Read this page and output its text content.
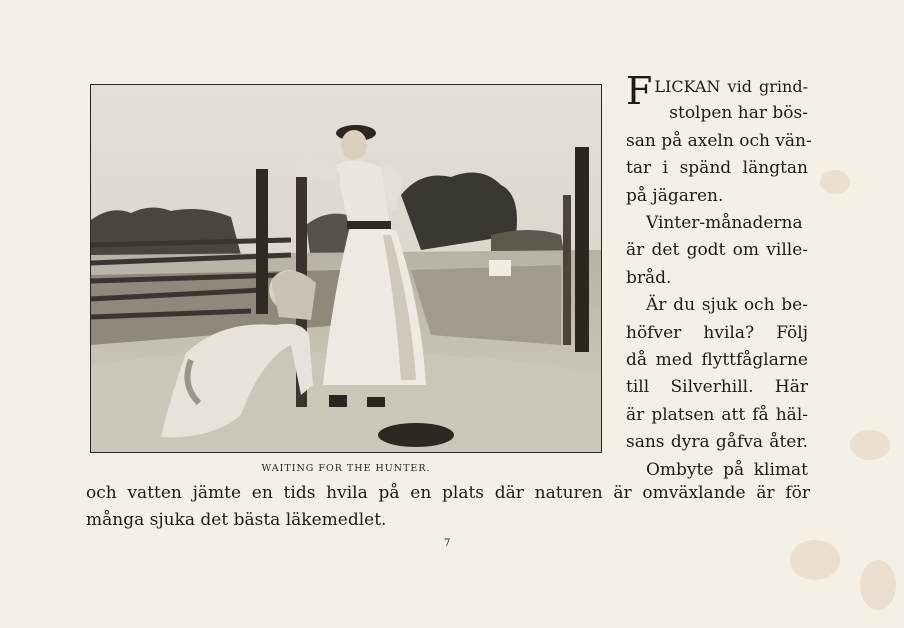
WAITING FOR THE HUNTER.
F LICKAN vid grind-
stolpen har bös-
san på axeln och vän-
tar i spänd längtan
på jägaren.
Vinter-månaderna
är det godt om ville-
bråd.
Är du sjuk och be-
höfver hvila? Följ
då med flyttfåglarne
till Silverhill. Här
är platsen att få häl-
sans dyra gåfva åter.
Ombyte på klimat
och vatten jämte en tids hvila på en plats där naturen är omväxlande är för
många sjuka det bästa läkemedlet.
7
